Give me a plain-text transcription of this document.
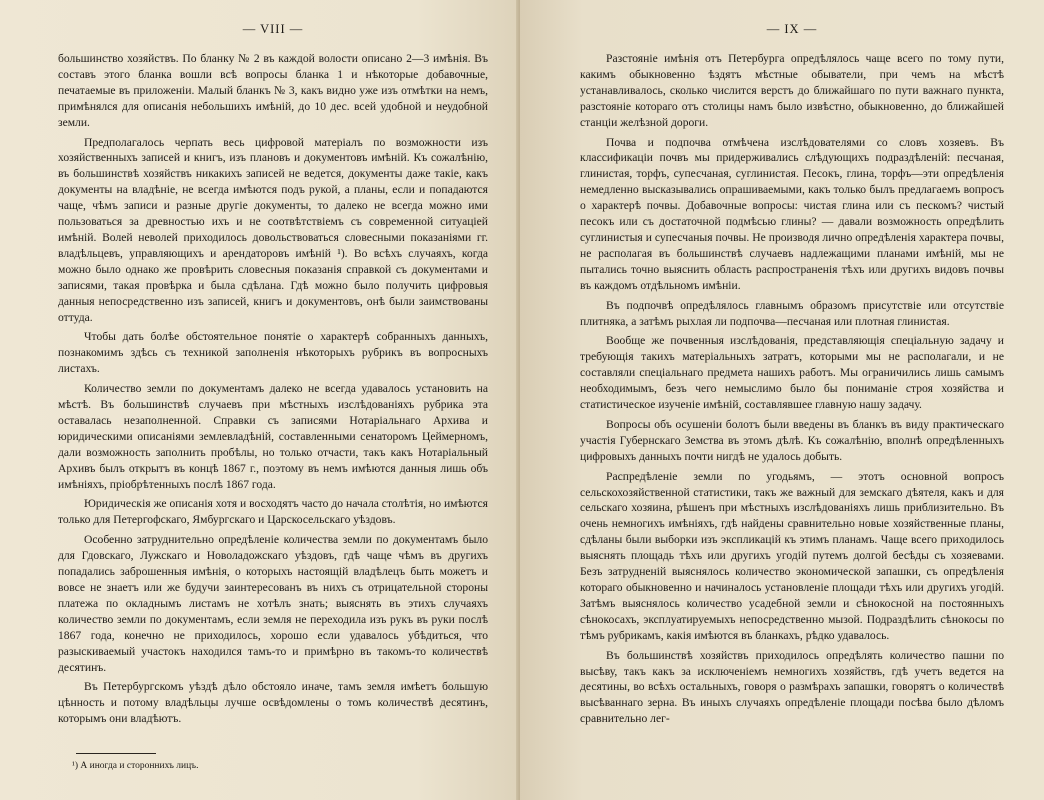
— VIII —

большинство хозяйствъ. По бланку № 2 въ каждой волости описано 2—3 имѣнія. Въ составъ этого бланка вошли всѣ вопросы бланка 1 и нѣкоторые добавочные, печатаемые въ приложеніи. Малый бланкъ № 3, какъ видно уже изъ отмѣтки на немъ, примѣнялся для описанія небольшихъ имѣній, до 10 дес. всей удобной и неудобной земли.

Предполагалось черпать весь цифровой матеріалъ по возможности изъ хозяйственныхъ записей и книгъ, изъ плановъ и документовъ имѣній. Къ сожалѣнію, въ большинствѣ хозяйствъ никакихъ записей не ведется, документы даже такіе, какъ документы на владѣніе, не всегда имѣются подъ рукой, а планы, если и попадаются чаще, чѣмъ записи и разные другіе документы, то далеко не всегда можно ими пользоваться за древностью ихъ и не соотвѣтствіемъ съ современной ситуаціей имѣній. Волей неволей приходилось довольствоваться словесными показаніями гг. владѣльцевъ, управляющихъ и арендаторовъ имѣній ¹). Во всѣхъ случаяхъ, когда можно было однако же провѣрить словесныя показанія справкой съ документами и записями, такая провѣрка и была сдѣлана. Гдѣ можно было получить цифровыя данныя непосредственно изъ записей, книгъ и документовъ, онѣ были заимствованы оттуда.

Чтобы дать болѣе обстоятельное понятіе о характерѣ собранныхъ данныхъ, познакомимъ здѣсь съ техникой заполненія нѣкоторыхъ рубрикъ въ вопросныхъ листахъ.

Количество земли по документамъ далеко не всегда удавалось установить на мѣстѣ. Въ большинствѣ случаевъ при мѣстныхъ изслѣдованіяхъ рубрика эта оставалась незаполненной. Справки съ записями Нотаріальнаго Архива и юридическими описаніями землевладѣній, составленными сенаторомъ Цеймерномъ, дали возможность заполнить пробѣлы, но только отчасти, такъ какъ Нотаріальный Архивъ былъ открытъ въ концѣ 1867 г., поэтому въ немъ имѣются данныя лишь объ имѣніяхъ, пріобрѣтенныхъ послѣ 1867 года.

Юридическія же описанія хотя и восходятъ часто до начала столѣтія, но имѣются только для Петергофскаго, Ямбургскаго и Царскосельскаго уѣздовъ.

Особенно затруднительно опредѣленіе количества земли по документамъ было для Гдовскаго, Лужскаго и Новоладожскаго уѣздовъ, гдѣ чаще чѣмъ въ другихъ попадались заброшенныя имѣнія, о которыхъ настоящій владѣлецъ быть можетъ и вовсе не знаетъ или же будучи заинтересованъ въ нихъ съ отрицательной стороны платежа по окладнымъ листамъ не хотѣлъ знать; выяснять въ этихъ случаяхъ количество земли по документамъ, если земля не переходила изъ рукъ въ руки послѣ 1867 года, конечно не приходилось, хорошо если удавалось убѣдиться, что разыскиваемый участокъ находился тамъ-то и примѣрно въ такомъ-то количествѣ десятинъ.

Въ Петербургскомъ уѣздѣ дѣло обстояло иначе, тамъ земля имѣетъ большую цѣнность и потому владѣльцы лучше освѣдомлены о томъ количествѣ десятинъ, которымъ они владѣютъ.

¹) А иногда и стороннихъ лицъ.

— IX —

Разстояніе имѣнія отъ Петербурга опредѣлялось чаще всего по тому пути, какимъ обыкновенно ѣздятъ мѣстные обыватели, при чемъ на мѣстѣ устанавливалось, сколько числится верстъ до ближайшаго по пути важнаго пункта, разстояніе котораго отъ столицы намъ было извѣстно, обыкновенно, до ближайшей станціи желѣзной дороги.

Почва и подпочва отмѣчена изслѣдователями со словъ хозяевъ. Въ классификаціи почвъ мы придерживались слѣдующихъ подраздѣленій: песчаная, глинистая, торфъ, супесчаная, суглинистая. Песокъ, глина, торфъ—эти опредѣленія немедленно высказывались опрашиваемыми, какъ только былъ предлагаемъ вопросъ о характерѣ почвы. Добавочные вопросы: чистая глина или съ пескомъ? чистый песокъ или съ достаточной подмѣсью глины? — давали возможность опредѣлить суглинистыя и супесчаныя почвы. Не производя лично опредѣленія характера почвы, не располагая въ большинствѣ случаевъ надлежащими планами имѣній, мы не пытались точно выяснить область распространенія тѣхъ или другихъ видовъ почвы въ каждомъ отдѣльномъ имѣніи.

Въ подпочвѣ опредѣлялось главнымъ образомъ присутствіе или отсутствіе плитняка, а затѣмъ рыхлая ли подпочва—песчаная или плотная глинистая.

Вообще же почвенныя изслѣдованія, представляющія спеціальную задачу и требующія такихъ матеріальныхъ затратъ, которыми мы не располагали, и не составляли спеціальнаго предмета нашихъ работъ. Мы ограничились лишь самымъ необходимымъ, безъ чего немыслимо было бы пониманіе строя хозяйства и статистическое изученіе имѣній, составлявшее главную нашу задачу.

Вопросы объ осушеніи болотъ были введены въ бланкъ въ виду практическаго участія Губернскаго Земства въ этомъ дѣлѣ. Къ сожалѣнію, вполнѣ опредѣленныхъ цифровыхъ данныхъ почти нигдѣ не удалось добыть.

Распредѣленіе земли по угодьямъ, — этотъ основной вопросъ сельскохозяйственной статистики, такъ же важный для земскаго дѣятеля, какъ и для сельскаго хозяина, рѣшенъ при мѣстныхъ изслѣдованіяхъ лишь приблизительно. Въ очень немногихъ имѣніяхъ, гдѣ найдены сравнительно новые хозяйственные планы, сдѣланы были выборки изъ экспликацій къ этимъ планамъ. Чаще всего приходилось выяснять площадь тѣхъ или другихъ угодій путемъ долгой бесѣды съ хозяевами. Безъ затрудненій выяснялось количество экономической запашки, съ опредѣленія котораго обыкновенно и начиналось установленіе площади тѣхъ или другихъ угодій. Затѣмъ выяснялось количество усадебной земли и сѣнокосной на постоянныхъ сѣнокосахъ, эксплуатируемыхъ непосредственно мызой. Подраздѣлить сѣнокосы по тѣмъ рубрикамъ, какія имѣются въ бланкахъ, рѣдко удавалось.

Въ большинствѣ хозяйствъ приходилось опредѣлять количество пашни по высѣву, такъ какъ за исключеніемъ немногихъ хозяйствъ, гдѣ учетъ ведется на десятины, во всѣхъ остальныхъ, говоря о размѣрахъ запашки, говорятъ о количествѣ высѣваннаго зерна. Въ иныхъ случаяхъ опредѣленіе площади посѣва было дѣломъ сравнительно лег-
